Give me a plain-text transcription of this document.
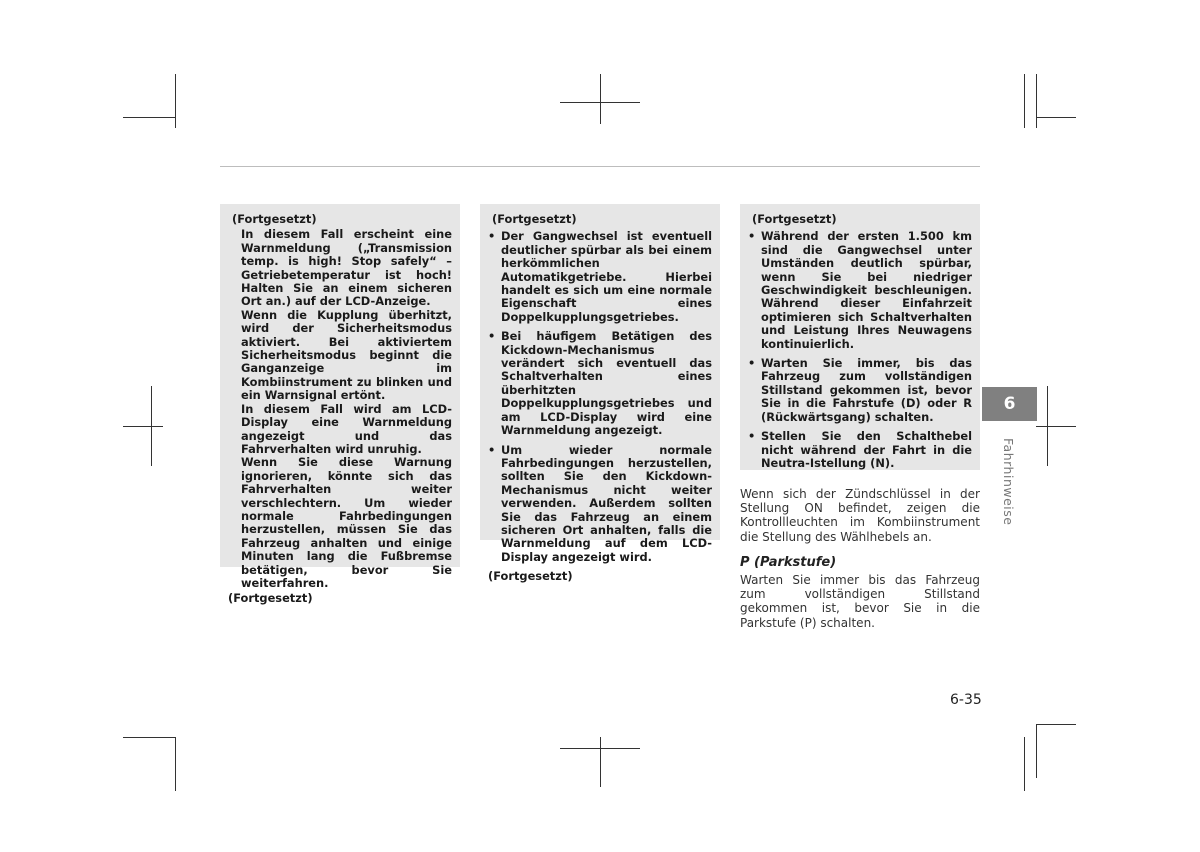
(Fortgesetzt)
In diesem Fall erscheint eine Warnmeldung („Transmission temp. is high! Stop safely“ – Getriebetemperatur ist hoch! Halten Sie an einem sicheren Ort an.) auf der LCD-Anzeige.
Wenn die Kupplung überhitzt, wird der Sicherheitsmodus aktiviert. Bei aktiviertem Sicherheitsmodus beginnt die Ganganzeige im Kombiinstrument zu blinken und ein Warnsignal ertönt.
In diesem Fall wird am LCD-Display eine Warnmeldung angezeigt und das Fahrverhalten wird unruhig.
Wenn Sie diese Warnung ignorieren, könnte sich das Fahrverhalten weiter verschlechtern. Um wieder normale Fahrbedingungen herzustellen, müssen Sie das Fahrzeug anhalten und einige Minuten lang die Fußbremse betätigen, bevor Sie weiterfahren.
(Fortgesetzt)
(Fortgesetzt)
• Der Gangwechsel ist eventuell deutlicher spürbar als bei einem herkömmlichen Automatikgetriebe. Hierbei handelt es sich um eine normale Eigenschaft eines Doppelkupplungsgetriebes.
• Bei häufigem Betätigen des Kickdown-Mechanismus verändert sich eventuell das Schaltverhalten eines überhitzten Doppelkupplungsgetriebes und am LCD-Display wird eine Warnmeldung angezeigt.
• Um wieder normale Fahrbedingungen herzustellen, sollten Sie den Kickdown-Mechanismus nicht weiter verwenden. Außerdem sollten Sie das Fahrzeug an einem sicheren Ort anhalten, falls die Warnmeldung auf dem LCD-Display angezeigt wird.
(Fortgesetzt)
(Fortgesetzt)
• Während der ersten 1.500 km sind die Gangwechsel unter Umständen deutlich spürbar, wenn Sie bei niedriger Geschwindigkeit beschleunigen. Während dieser Einfahrzeit optimieren sich Schaltverhalten und Leistung Ihres Neuwagens kontinuierlich.
• Warten Sie immer, bis das Fahrzeug zum vollständigen Stillstand gekommen ist, bevor Sie in die Fahrstufe (D) oder R (Rückwärtsgang) schalten.
• Stellen Sie den Schalthebel nicht während der Fahrt in die Neutra-Istellung (N).
Wenn sich der Zündschlüssel in der Stellung ON befindet, zeigen die Kontrollleuchten im Kombiinstrument die Stellung des Wählhebels an.
P (Parkstufe)
Warten Sie immer bis das Fahrzeug zum vollständigen Stillstand gekommen ist, bevor Sie in die Parkstufe (P) schalten.
6
Fahrhinweise
6-35
